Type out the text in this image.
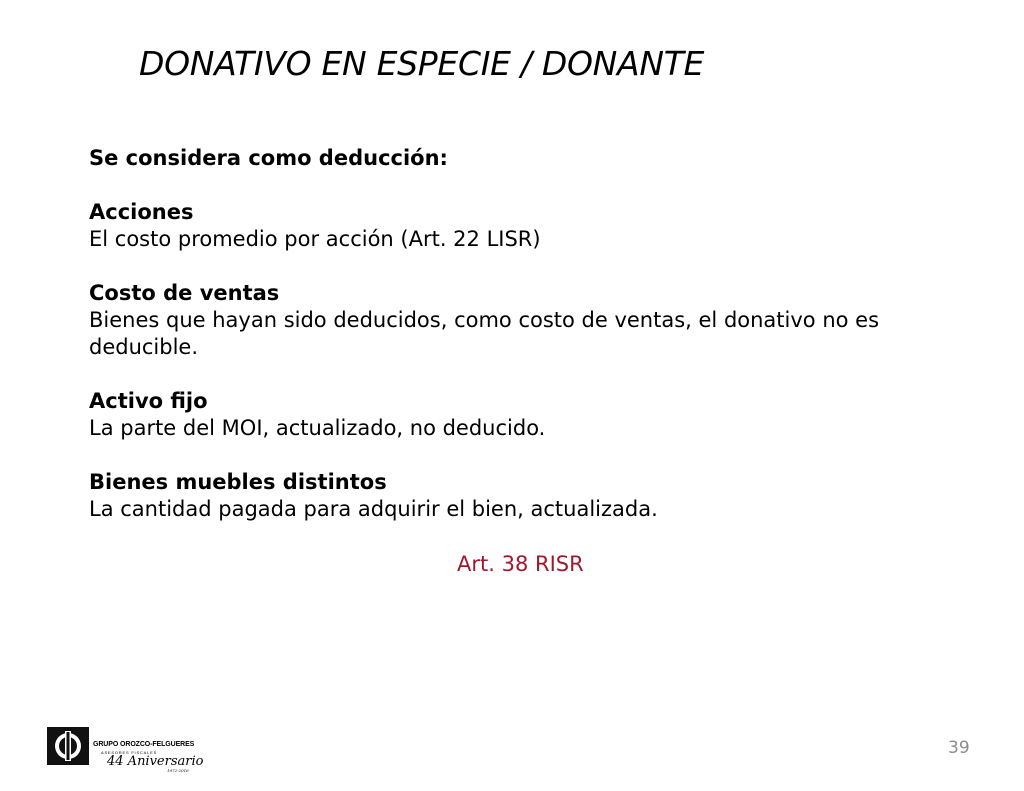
DONATIVO EN ESPECIE / DONANTE

Se considera como deducción:

Acciones

El costo promedio por acción (Art. 22 LISR)

Costo de ventas

Bienes que hayan sido deducidos, como costo de ventas, el donativo no es deducible.

Activo fijo

La parte del MOI, actualizado, no deducido.

Bienes muebles distintos

La cantidad pagada para adquirir el bien, actualizada.

Art. 38 RISR
GRUPO OROZCO-FELGUERES
ASESORES FISCALES
44 Aniversario
1972-2016
39
